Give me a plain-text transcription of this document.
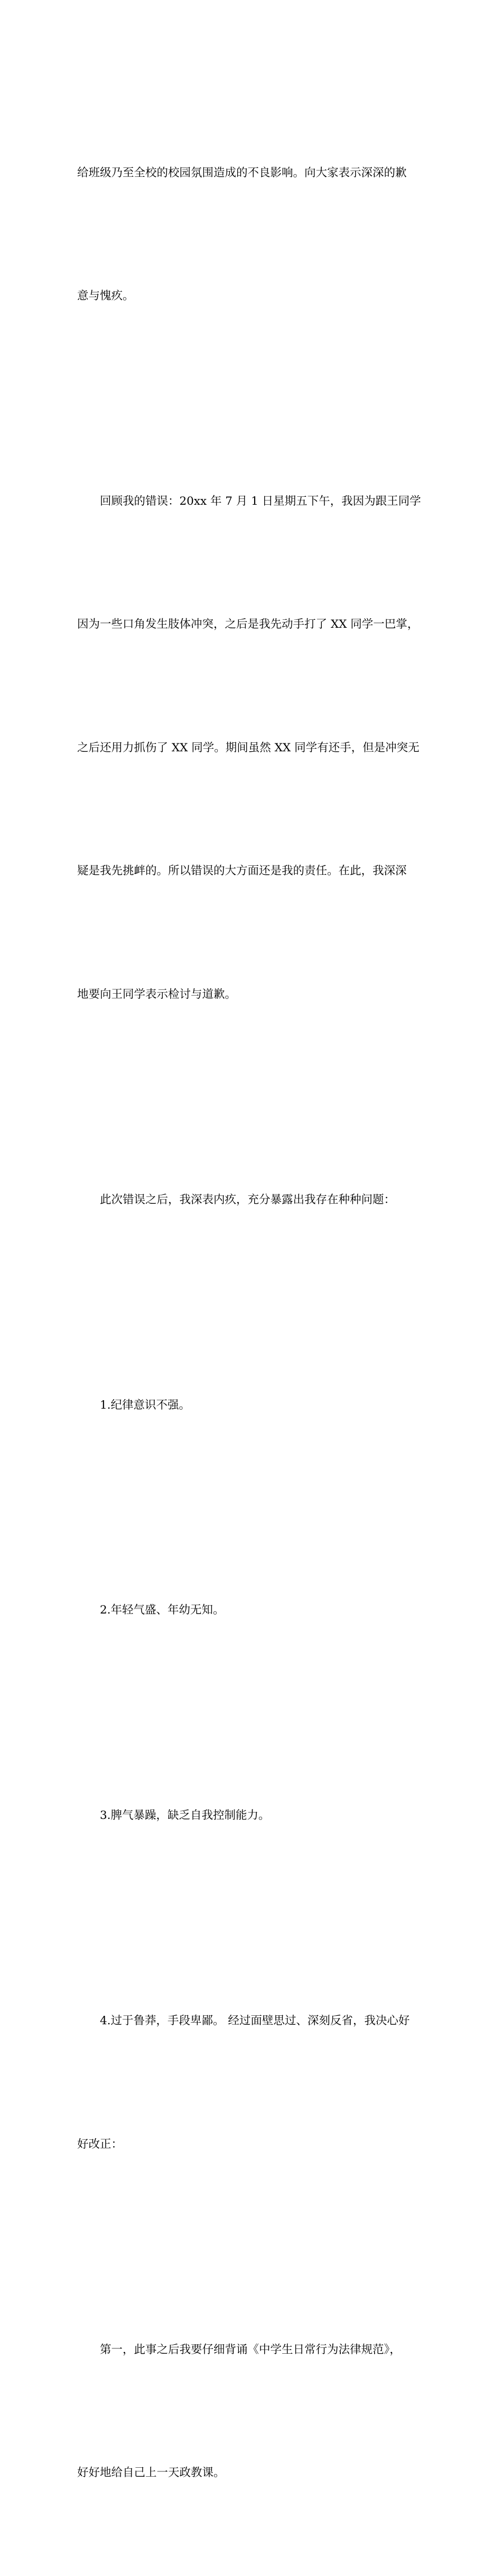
给班级乃至全校的校园氛围造成的不良影响。向大家表示深深的歉

意与愧疚。

回顾我的错误：20xx 年 7 月 1 日星期五下午，我因为跟王同学

因为一些口角发生肢体冲突，之后是我先动手打了 XX 同学一巴掌，

之后还用力抓伤了 XX 同学。期间虽然 XX 同学有还手，但是冲突无

疑是我先挑衅的。所以错误的大方面还是我的责任。在此，我深深

地要向王同学表示检讨与道歉。

此次错误之后，我深表内疚，充分暴露出我存在种种问题：

1.纪律意识不强。

2.年轻气盛、年幼无知。

3.脾气暴躁，缺乏自我控制能力。

4.过于鲁莽，手段卑鄙。 经过面壁思过、深刻反省，我决心好

好改正：

第一，此事之后我要仔细背诵《中学生日常行为法律规范》，

好好地给自己上一天政教课。
